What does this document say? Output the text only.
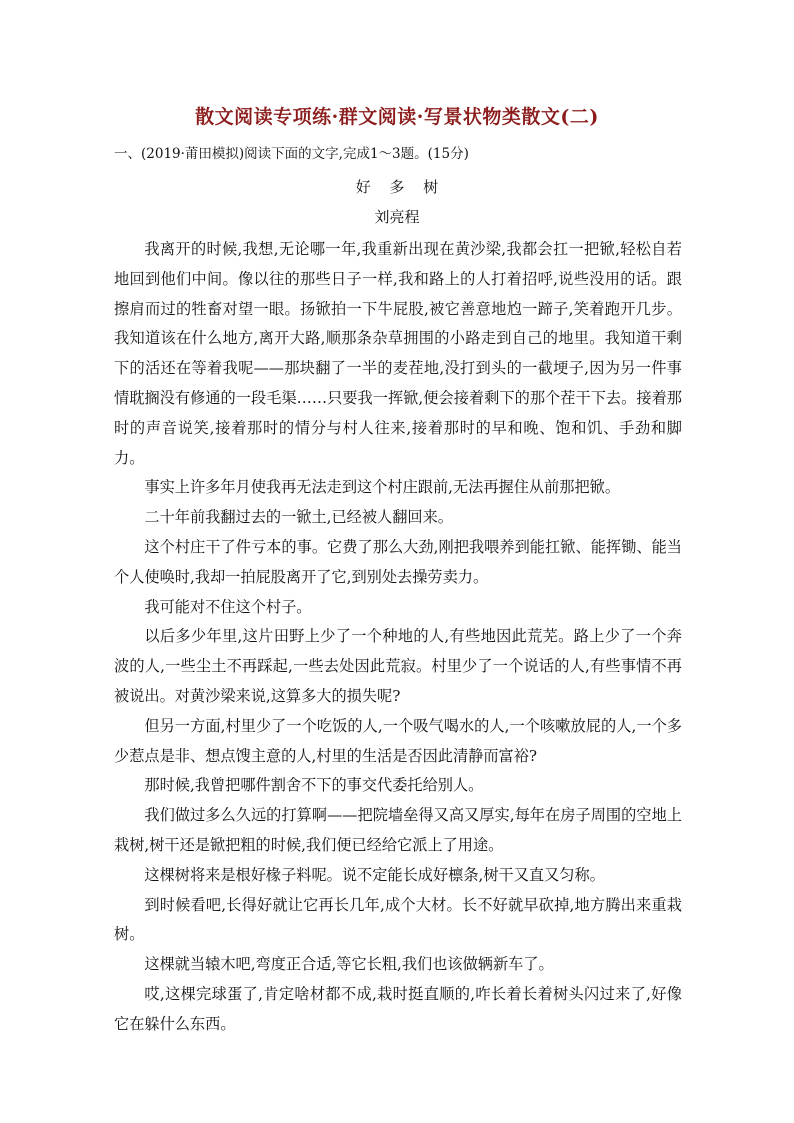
散文阅读专项练·群文阅读·写景状物类散文(二)

一、(2019·莆田模拟)阅读下面的文字,完成1～3题。(15分)

好 多 树

刘亮程

我离开的时候,我想,无论哪一年,我重新出现在黄沙梁,我都会扛一把锨,轻松自若地回到他们中间。像以往的那些日子一样,我和路上的人打着招呼,说些没用的话。跟擦肩而过的牲畜对望一眼。扬锨拍一下牛屁股,被它善意地尥一蹄子,笑着跑开几步。我知道该在什么地方,离开大路,顺那条杂草拥围的小路走到自己的地里。我知道干剩下的活还在等着我呢——那块翻了一半的麦茬地,没打到头的一截埂子,因为另一件事情耽搁没有修通的一段毛渠……只要我一挥锨,便会接着剩下的那个茬干下去。接着那时的声音说笑,接着那时的情分与村人往来,接着那时的早和晚、饱和饥、手劲和脚力。

事实上许多年月使我再无法走到这个村庄跟前,无法再握住从前那把锨。

二十年前我翻过去的一锨土,已经被人翻回来。

这个村庄干了件亏本的事。它费了那么大劲,刚把我喂养到能扛锨、能挥锄、能当个人使唤时,我却一拍屁股离开了它,到别处去操劳卖力。

我可能对不住这个村子。

以后多少年里,这片田野上少了一个种地的人,有些地因此荒芜。路上少了一个奔波的人,一些尘土不再踩起,一些去处因此荒寂。村里少了一个说话的人,有些事情不再被说出。对黄沙梁来说,这算多大的损失呢?

但另一方面,村里少了一个吃饭的人,一个吸气喝水的人,一个咳嗽放屁的人,一个多少惹点是非、想点馊主意的人,村里的生活是否因此清静而富裕?

那时候,我曾把哪件割舍不下的事交代委托给别人。

我们做过多么久远的打算啊——把院墙垒得又高又厚实,每年在房子周围的空地上栽树,树干还是锨把粗的时候,我们便已经给它派上了用途。

这棵树将来是根好椽子料呢。说不定能长成好檩条,树干又直又匀称。

到时候看吧,长得好就让它再长几年,成个大材。长不好就早砍掉,地方腾出来重栽树。

这棵就当辕木吧,弯度正合适,等它长粗,我们也该做辆新车了。

哎,这棵完球蛋了,肯定啥材都不成,栽时挺直顺的,咋长着长着树头闪过来了,好像它在躲什么东西。
